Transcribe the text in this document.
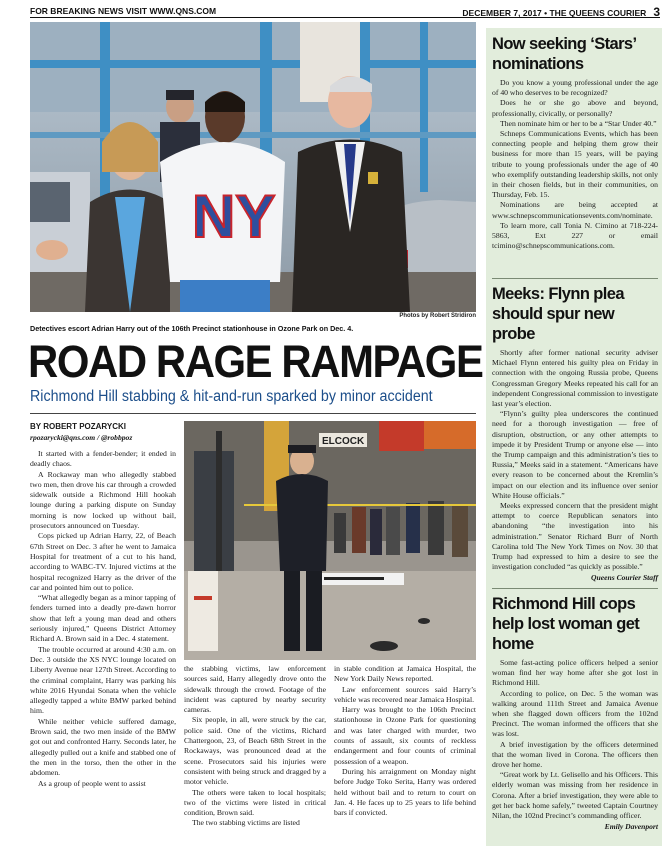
FOR BREAKING NEWS VISIT WWW.QNS.COM	DECEMBER 7, 2017 • THE QUEENS COURIER 3
NY
Photos by Robert Stridiron
Detectives escort Adrian Harry out of the 106th Precinct stationhouse in Ozone Park on Dec. 4.
ROAD RAGE RAMPAGE
Richmond Hill stabbing & hit-and-run sparked by minor accident
BY ROBERT POZARYCKI
rpozarycki@qns.com / @robbpoz

It started with a fender-bender; it ended in deadly chaos.

A Rockaway man who allegedly stabbed two men, then drove his car through a crowded sidewalk outside a Richmond Hill hookah lounge during a parking dispute on Sunday morning is now locked up without bail, prosecutors announced on Tuesday.

Cops picked up Adrian Harry, 22, of Beach 67th Street on Dec. 3 after he went to Jamaica Hospital for treatment of a cut to his hand, according to WABC-TV. Injured victims at the hospital recognized Harry as the driver of the car and pointed him out to police.

“What allegedly began as a minor tapping of fenders turned into a deadly pre-dawn horror show that left a young man dead and others seriously injured,” Queens District Attorney Richard A. Brown said in a Dec. 4 statement.

The trouble occurred at around 4:30 a.m. on Dec. 3 outside the XS NYC lounge located on Liberty Avenue near 127th Street. According to the criminal complaint, Harry was parking his white 2016 Hyundai Sonata when the vehicle allegedly tapped a white BMW parked behind him.

While neither vehicle suffered damage, Brown said, the two men inside of the BMW got out and confronted Harry. Seconds later, he allegedly pulled out a knife and stabbed one of the men in the torso, then the other in the abdomen.

As a group of people went to assist

ELCOCK

the stabbing victims, law enforcement sources said, Harry allegedly drove onto the sidewalk through the crowd. Footage of the incident was captured by nearby security cameras.

Six people, in all, were struck by the car, police said. One of the victims, Richard Chattergoon, 23, of Beach 68th Street in the Rockaways, was pronounced dead at the scene. Prosecutors said his injuries were consistent with being struck and dragged by a motor vehicle.

The others were taken to local hospitals; two of the victims were listed in critical condition, Brown said.

The two stabbing victims are listed

in stable condition at Jamaica Hospital, the New York Daily News reported.

Law enforcement sources said Harry’s vehicle was recovered near Jamaica Hospital.

Harry was brought to the 106th Precinct stationhouse in Ozone Park for questioning and was later charged with murder, two counts of assault, six counts of reckless endangerment and four counts of criminal possession of a weapon.

During his arraignment on Monday night before Judge Toko Serita, Harry was ordered held without bail and to return to court on Jan. 4. He faces up to 25 years to life behind bars if convicted.

Now seeking ‘Stars’ nominations

Do you know a young professional under the age of 40 who deserves to be recognized?

Does he or she go above and beyond, professionally, civically, or personally?

Then nominate him or her to be a “Star Under 40.”

Schneps Communications Events, which has been connecting people and helping them grow their business for more than 15 years, will be paying tribute to young professionals under the age of 40 who exemplify outstanding leadership skills, not only in their chosen fields, but in their communities, on Thursday, Feb. 15.

Nominations are being accepted at www.schnepscommunicationsevents.com/nominate.

To learn more, call Tonia N. Cimino at 718-224-5863, Ext 227 or email tcimino@schnepscommunications.com.

Meeks: Flynn plea should spur new probe

Shortly after former national security adviser Michael Flynn entered his guilty plea on Friday in connection with the ongoing Russia probe, Queens Congressman Gregory Meeks repeated his call for an independent Congressional commission to investigate last year’s election.

“Flynn’s guilty plea underscores the continued need for a thorough investigation — free of disruption, obstruction, or any other attempts to impede it by President Trump or anyone else — into the Trump campaign and this administration’s ties to Russia,” Meeks said in a statement. “Americans have every reason to be concerned about the Kremlin’s impact on our election and its influence over senior White House officials.”

Meeks expressed concern that the president might attempt to coerce Republican senators into abandoning “the investigation into his administration.” Senator Richard Burr of North Carolina told The New York Times on Nov. 30 that Trump had expressed to him a desire to see the investigation concluded “as quickly as possible.”

Queens Courier Staff
Richmond Hill cops help lost woman get home

Some fast-acting police officers helped a senior woman find her way home after she got lost in Richmond Hill.

According to police, on Dec. 5 the woman was walking around 111th Street and Jamaica Avenue when she flagged down officers from the 102nd Precinct. The woman informed the officers that she was lost.

A brief investigation by the officers determined that the woman lived in Corona. The officers then drove her home.

“Great work by Lt. Gelisello and his Officers. This elderly woman was missing from her residence in Corona. After a brief investigation, they were able to get her back home safely,” tweeted Captain Courtney Nilan, the 102nd Precinct’s commanding officer.

Emily Davenport
